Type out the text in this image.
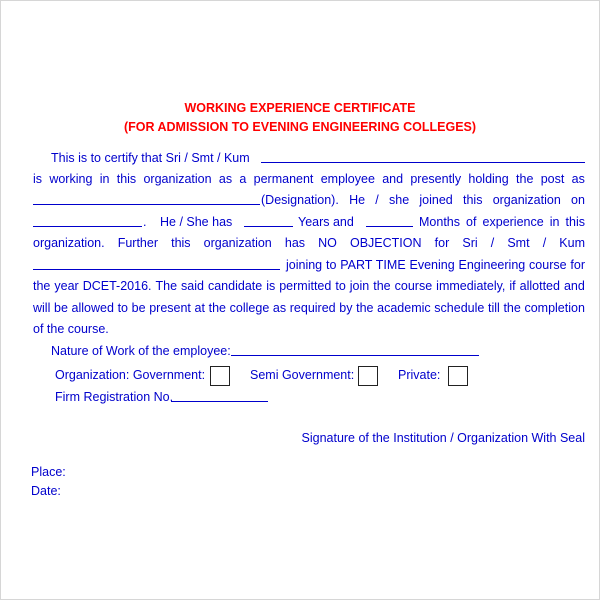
WORKING EXPERIENCE CERTIFICATE
(FOR ADMISSION TO EVENING ENGINEERING COLLEGES)
This is to certify that Sri / Smt / Kum
is working in this organization as a permanent employee and presently holding the post as
(Designation). He / she joined this organization on
. He / She has	Years and	Months of experience in this
organization. Further this organization has NO OBJECTION for Sri / Smt / Kum
joining to PART TIME Evening Engineering course for
the year DCET-2016. The said candidate is permitted to join the course immediately, if allotted and
will be allowed to be present at the college as required by the academic schedule till the completion
of the course.
Nature of Work of the employee:
Organization: Government:	Semi Government:	Private:
Firm Registration No.
Signature of the Institution / Organization With Seal
Place:
Date:
